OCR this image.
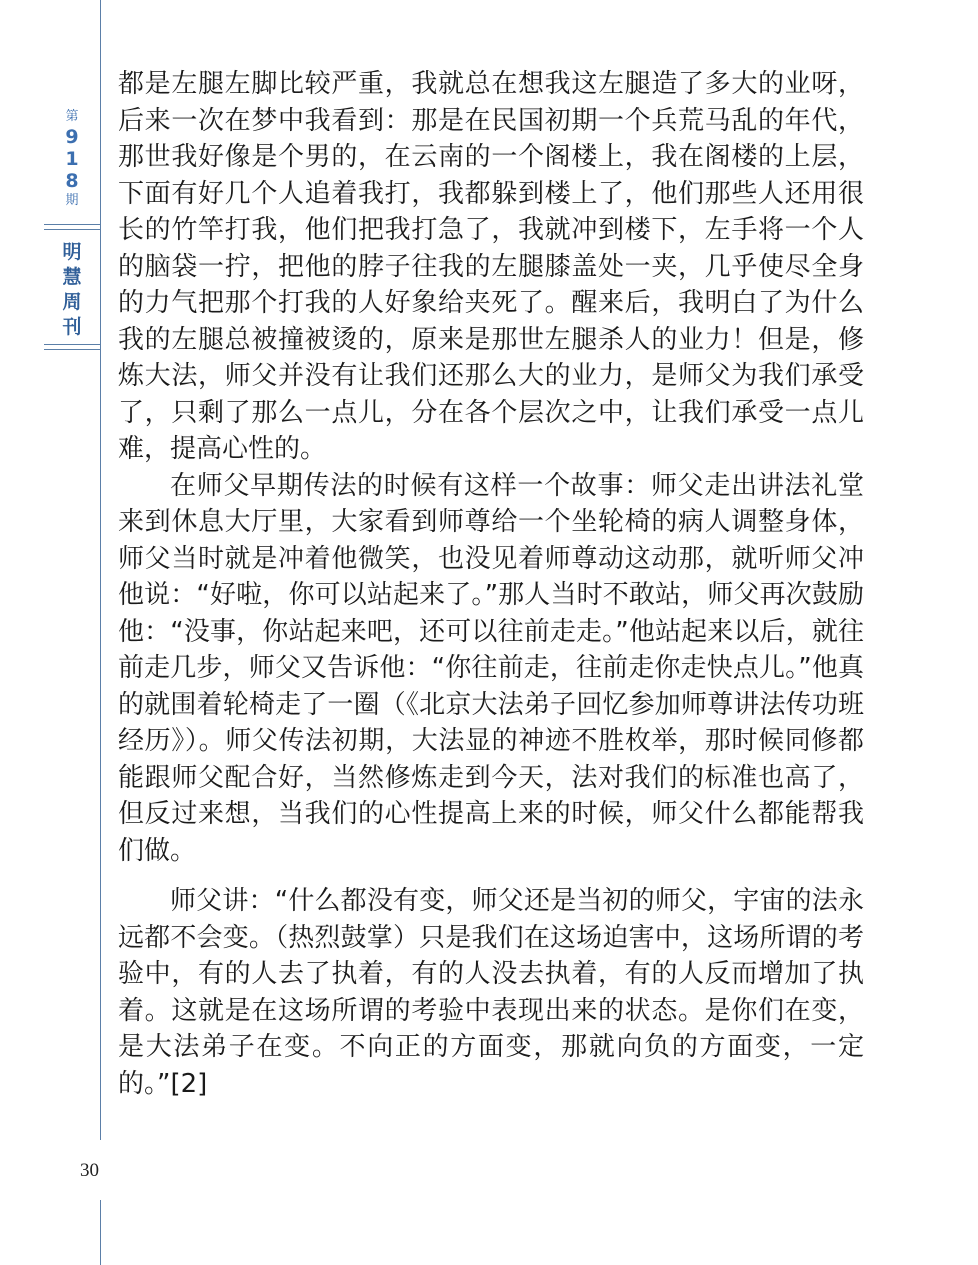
第
9
1
8
期
明
慧
周
刊
30

都是左腿左脚比较严重，我就总在想我这左腿造了多大的业呀，后来一次在梦中我看到：那是在民国初期一个兵荒马乱的年代，那世我好像是个男的，在云南的一个阁楼上，我在阁楼的上层，下面有好几个人追着我打，我都躲到楼上了，他们那些人还用很长的竹竿打我，他们把我打急了，我就冲到楼下，左手将一个人的脑袋一拧，把他的脖子往我的左腿膝盖处一夹，几乎使尽全身的力气把那个打我的人好象给夹死了。醒来后，我明白了为什么我的左腿总被撞被烫的，原来是那世左腿杀人的业力！但是，修炼大法，师父并没有让我们还那么大的业力，是师父为我们承受了，只剩了那么一点儿，分在各个层次之中，让我们承受一点儿难，提高心性的。

在师父早期传法的时候有这样一个故事：师父走出讲法礼堂来到休息大厅里，大家看到师尊给一个坐轮椅的病人调整身体，师父当时就是冲着他微笑，也没见着师尊动这动那，就听师父冲他说：“好啦，你可以站起来了。”那人当时不敢站，师父再次鼓励他：“没事，你站起来吧，还可以往前走走。”他站起来以后，就往前走几步，师父又告诉他：“你往前走，往前走你走快点儿。”他真的就围着轮椅走了一圈（《北京大法弟子回忆参加师尊讲法传功班经历》）。师父传法初期，大法显的神迹不胜枚举，那时候同修都能跟师父配合好，当然修炼走到今天，法对我们的标准也高了，但反过来想，当我们的心性提高上来的时候，师父什么都能帮我们做。

师父讲：“什么都没有变，师父还是当初的师父，宇宙的法永远都不会变。（热烈鼓掌）只是我们在这场迫害中，这场所谓的考验中，有的人去了执着，有的人没去执着，有的人反而增加了执着。这就是在这场所谓的考验中表现出来的状态。是你们在变，是大法弟子在变。不向正的方面变，那就向负的方面变，一定的。”[2]
